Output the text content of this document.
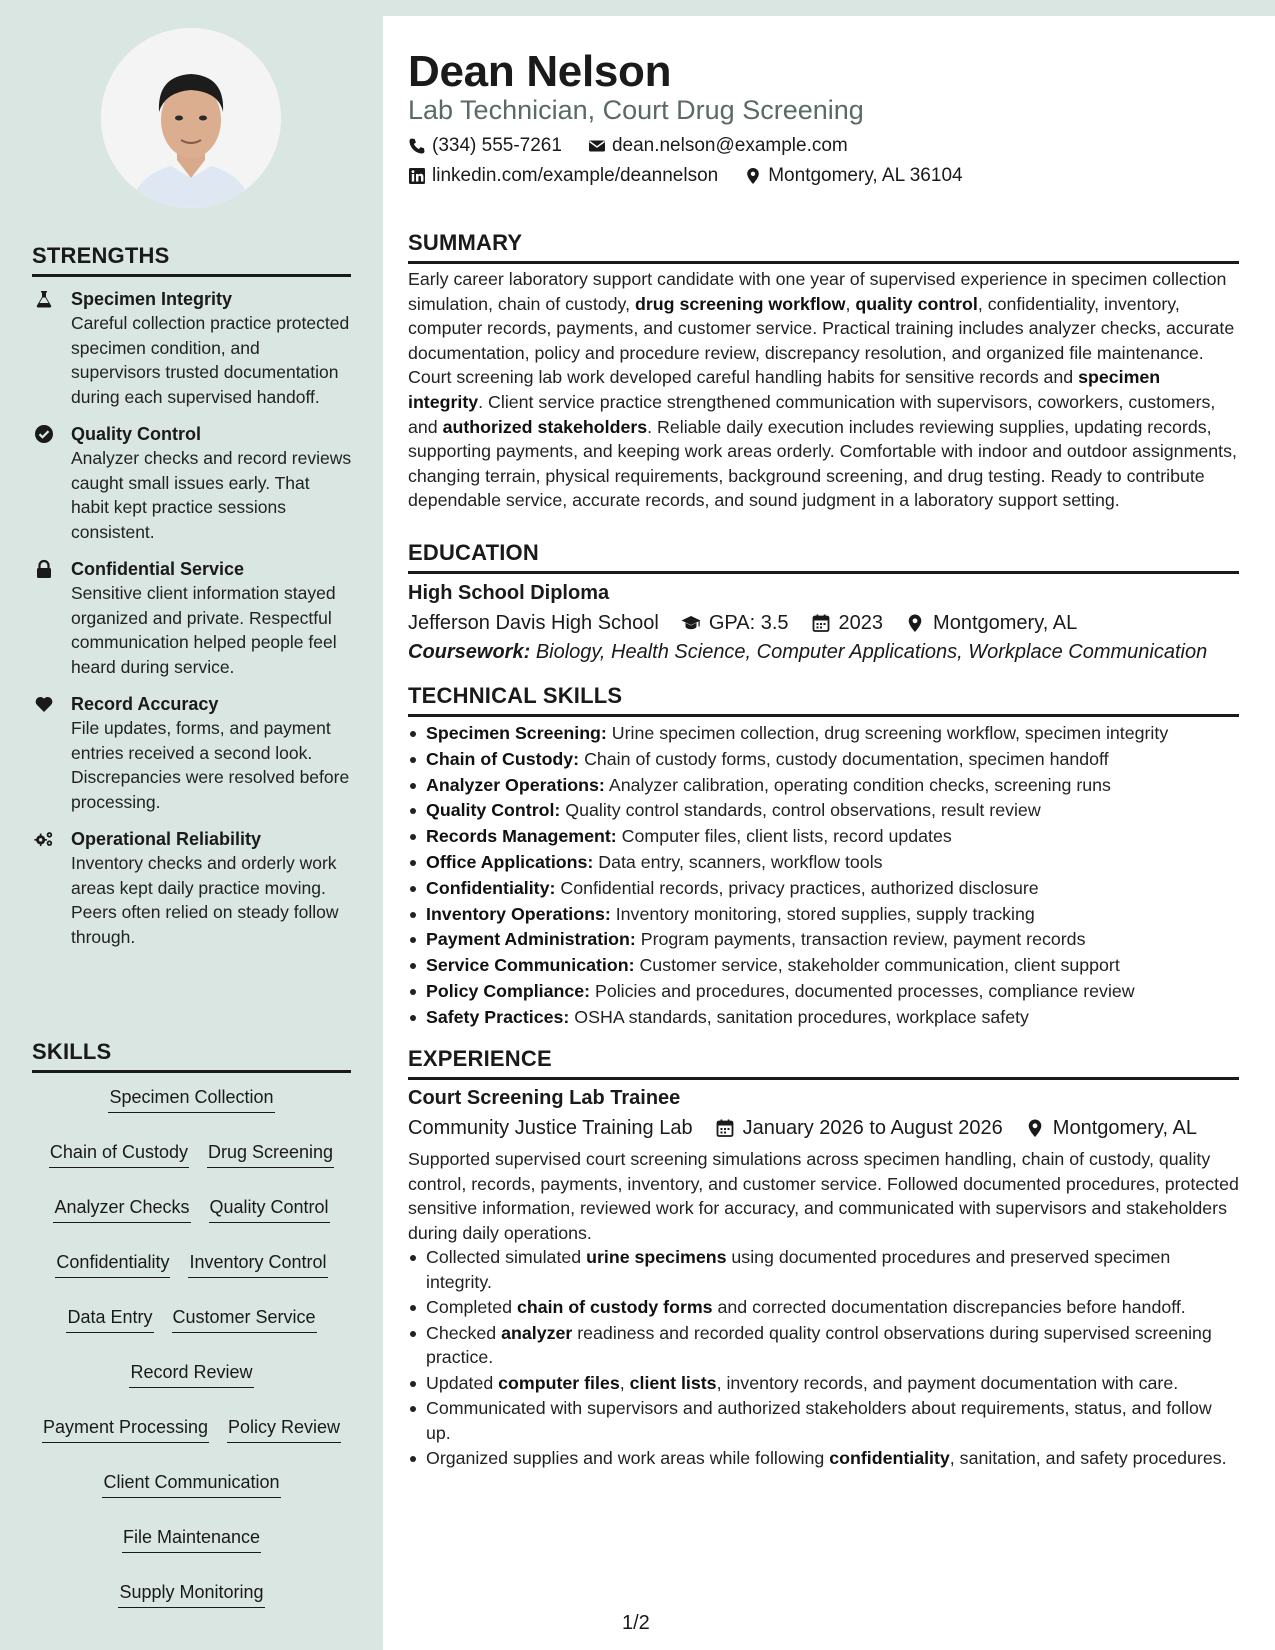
STRENGTHS
Specimen Integrity
Careful collection practice protected specimen condition, and supervisors trusted documentation during each supervised handoff.
Quality Control
Analyzer checks and record reviews caught small issues early. That habit kept practice sessions consistent.
Confidential Service
Sensitive client information stayed organized and private. Respectful communication helped people feel heard during service.
Record Accuracy
File updates, forms, and payment entries received a second look. Discrepancies were resolved before processing.
Operational Reliability
Inventory checks and orderly work areas kept daily practice moving. Peers often relied on steady follow through.
SKILLS
Specimen Collection
Chain of Custody Drug Screening
Analyzer Checks Quality Control
Confidentiality Inventory Control
Data Entry Customer Service
Record Review
Payment Processing Policy Review
Client Communication
File Maintenance
Supply Monitoring
Dean Nelson
Lab Technician, Court Drug Screening
(334) 555-7261	dean.nelson@example.com
linkedin.com/example/deannelson	Montgomery, AL 36104
SUMMARY
Early career laboratory support candidate with one year of supervised experience in specimen collection simulation, chain of custody, drug screening workflow, quality control, confidentiality, inventory, computer records, payments, and customer service. Practical training includes analyzer checks, accurate documentation, policy and procedure review, discrepancy resolution, and organized file maintenance. Court screening lab work developed careful handling habits for sensitive records and specimen integrity. Client service practice strengthened communication with supervisors, coworkers, customers, and authorized stakeholders. Reliable daily execution includes reviewing supplies, updating records, supporting payments, and keeping work areas orderly. Comfortable with indoor and outdoor assignments, changing terrain, physical requirements, background screening, and drug testing. Ready to contribute dependable service, accurate records, and sound judgment in a laboratory support setting.
EDUCATION
High School Diploma
Jefferson Davis High School	GPA: 3.5	2023	Montgomery, AL
Coursework: Biology, Health Science, Computer Applications, Workplace Communication
TECHNICAL SKILLS
Specimen Screening: Urine specimen collection, drug screening workflow, specimen integrity
Chain of Custody: Chain of custody forms, custody documentation, specimen handoff
Analyzer Operations: Analyzer calibration, operating condition checks, screening runs
Quality Control: Quality control standards, control observations, result review
Records Management: Computer files, client lists, record updates
Office Applications: Data entry, scanners, workflow tools
Confidentiality: Confidential records, privacy practices, authorized disclosure
Inventory Operations: Inventory monitoring, stored supplies, supply tracking
Payment Administration: Program payments, transaction review, payment records
Service Communication: Customer service, stakeholder communication, client support
Policy Compliance: Policies and procedures, documented processes, compliance review
Safety Practices: OSHA standards, sanitation procedures, workplace safety
EXPERIENCE
Court Screening Lab Trainee
Community Justice Training Lab	January 2026 to August 2026	Montgomery, AL
Supported supervised court screening simulations across specimen handling, chain of custody, quality control, records, payments, inventory, and customer service. Followed documented procedures, protected sensitive information, reviewed work for accuracy, and communicated with supervisors and stakeholders during daily operations.
Collected simulated urine specimens using documented procedures and preserved specimen integrity.
Completed chain of custody forms and corrected documentation discrepancies before handoff.
Checked analyzer readiness and recorded quality control observations during supervised screening practice.
Updated computer files, client lists, inventory records, and payment documentation with care.
Communicated with supervisors and authorized stakeholders about requirements, status, and follow up.
Organized supplies and work areas while following confidentiality, sanitation, and safety procedures.
1/2
